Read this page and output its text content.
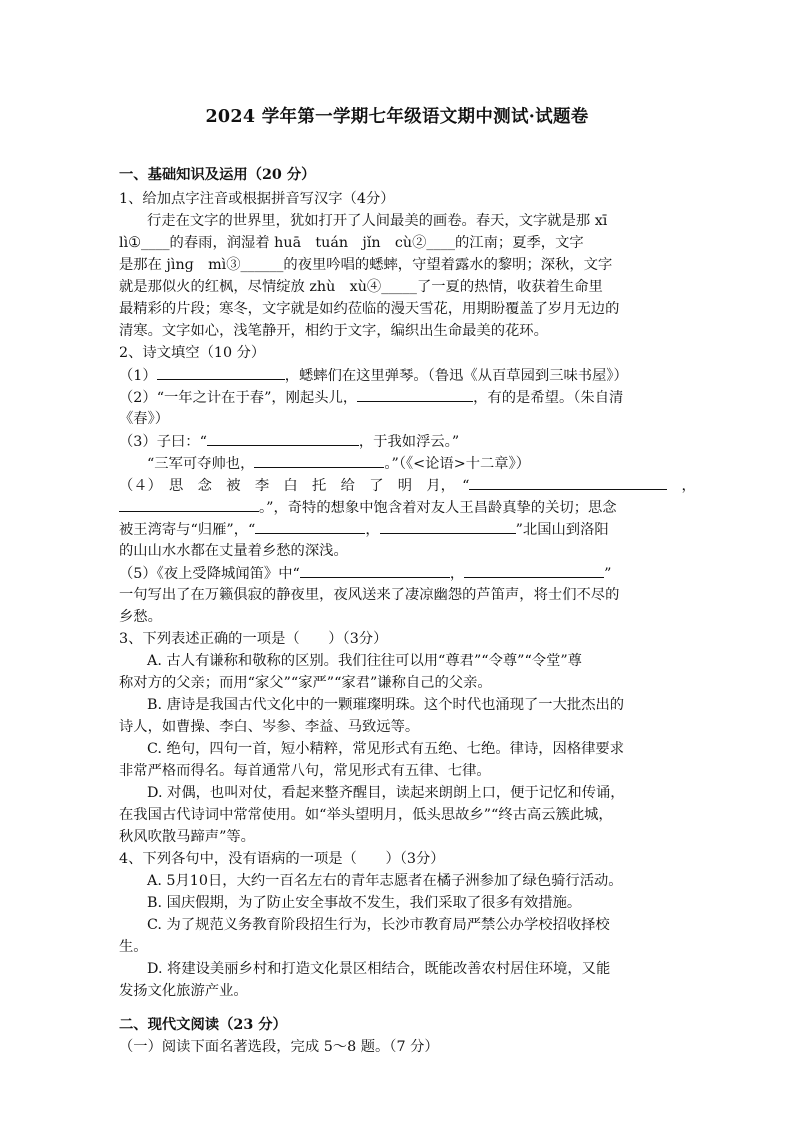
2024 学年第一学期七年级语文期中测试·试题卷
一、基础知识及运用（20 分）
1、给加点字注音或根据拼音写汉字（4分）
行走在文字的世界里，犹如打开了人间最美的画卷。春天，文字就是那 xī
lì①____的春雨，润湿着 huā　tuán　jǐn　cù②____的江南；夏季，文字
是那在 jìnɡ　mì③______的夜里吟唱的蟋蟀，守望着露水的黎明；深秋，文字
就是那似火的红枫，尽情绽放 zhù　xù④_____了一夏的热情，收获着生命里
最精彩的片段；寒冬，文字就是如约莅临的漫天雪花，用期盼覆盖了岁月无边的
清寒。文字如心，浅笔静开，相约于文字，编织出生命最美的花环。
2、诗文填空（10 分）
（1）	，蟋蟀们在这里弹琴。（鲁迅《从百草园到三味书屋》）
（2）“一年之计在于春”，刚起头儿，	，有的是希望。（朱自清
《春》）
（3）子曰：“	，于我如浮云。”
“三军可夺帅也，	。”（《<论语>十二章》）
（４）　思　念　被　李　白　托　给　了　明　月，　“	，
。”，奇特的想象中饱含着对友人王昌龄真挚的关切；思念
被王湾寄与“归雁”，“	，	”北国山到洛阳
的山山水水都在丈量着乡愁的深浅。
（5）《夜上受降城闻笛》中“	，	”
一句写出了在万籁俱寂的静夜里，夜风送来了凄凉幽怨的芦笛声，将士们不尽的
乡愁。
3、下列表述正确的一项是（　　）（3分）
A. 古人有谦称和敬称的区别。我们往往可以用“尊君”“令尊”“令堂”尊
称对方的父亲；而用“家父”“家严”“家君”谦称自己的父亲。
B. 唐诗是我国古代文化中的一颗璀璨明珠。这个时代也涌现了一大批杰出的
诗人，如曹操、李白、岑参、李益、马致远等。
C. 绝句，四句一首，短小精粹，常见形式有五绝、七绝。律诗，因格律要求
非常严格而得名。每首通常八句，常见形式有五律、七律。
D. 对偶，也叫对仗，看起来整齐醒目，读起来朗朗上口，便于记忆和传诵，
在我国古代诗词中常常使用。如“举头望明月，低头思故乡”“终古高云簇此城，
秋风吹散马蹄声”等。
4、下列各句中，没有语病的一项是（　　）（3分）
A. 5月10日，大约一百名左右的青年志愿者在橘子洲参加了绿色骑行活动。
B. 国庆假期，为了防止安全事故不发生，我们采取了很多有效措施。
C. 为了规范义务教育阶段招生行为，长沙市教育局严禁公办学校招收择校
生。
D. 将建设美丽乡村和打造文化景区相结合，既能改善农村居住环境，又能
发扬文化旅游产业。
二、现代文阅读（23 分）
（一）阅读下面名著选段，完成 5～8 题。（7 分）
